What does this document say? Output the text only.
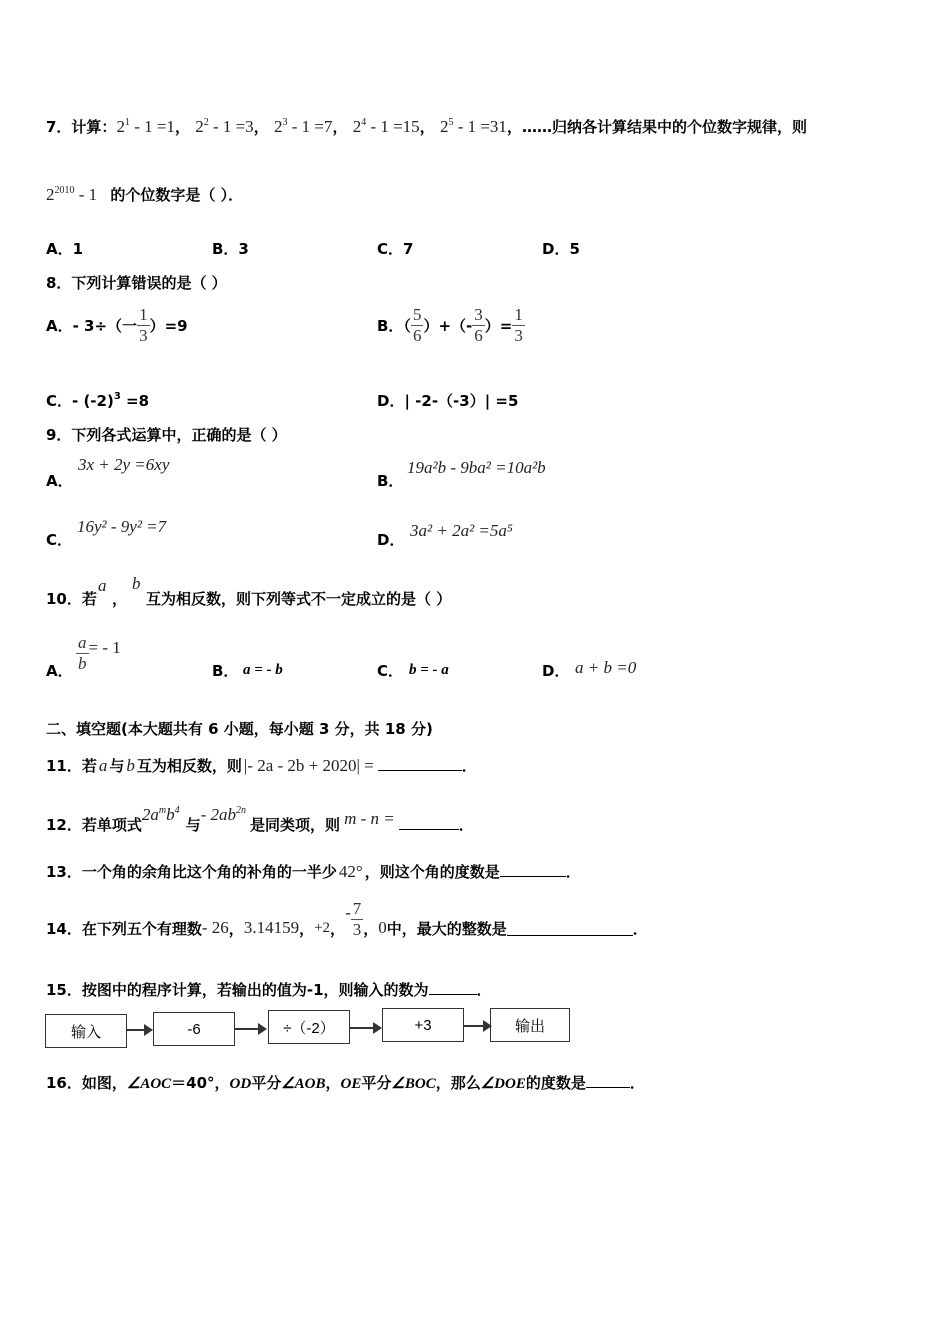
7．计算：$2^1 - 1 =1$， $2^2 - 1 =3$， $2^3 - 1 =7$， $2^4 - 1 =15$， $2^5 - 1 =31$，……归纳各计算结果中的个位数字规律，则
$2^{2010} - 1$ 的个位数字是（ ）．
A．1	B．3	C．7	D．5
8．下列计算错误的是（ ）
A．- 3÷（一 $\frac{1}{3} )=9$	B．（ $\frac{5}{6}$ ）+（- $\frac{3}{6}$ ）= $\frac{1}{3}$
C．- $(-2)^3 =8$	D．| -2-（-3）| =5
9．下列各式运算中，正确的是（ ）
A．
3x + 2y =6xy
B．
19a²b - 9ba² =10a²b
C．
16y² - 9y² =7
D． 3a² + 2a² =5a⁵
10．若
a
，
b
互为相反数，则下列等式不一定成立的是（ ）
A． $\frac{a}{b}$ = - 1
B． a = - b	C． b = - a	D． a + b =0
二、填空题(本大题共有 6 小题，每小题 3 分，共 18 分)
11．若 a 与 b 互为相反数，则 |- 2a - 2b + 2020| =	．
12．若单项式
$2a^mb^4$
与
- $2ab^{2n}$
是同类项，则 m - n =	．
13．一个角的余角比这个角的补角的一半少 42° ，则这个角的度数是	．
14．在下列五个有理数 - 26 ， 3.14159 ， +2 ，
- $\frac{7}{3}$ ， 0 中，最大的整数是	．
15．按图中的程序计算，若输出的值为-1，则输入的数为	．
输入	-6	÷（-2）	+3	输出
16．如图， ∠AOC ＝40°， OD 平分 ∠AOB ， OE 平分 ∠BOC ，那么 ∠DOE 的度数是	．
